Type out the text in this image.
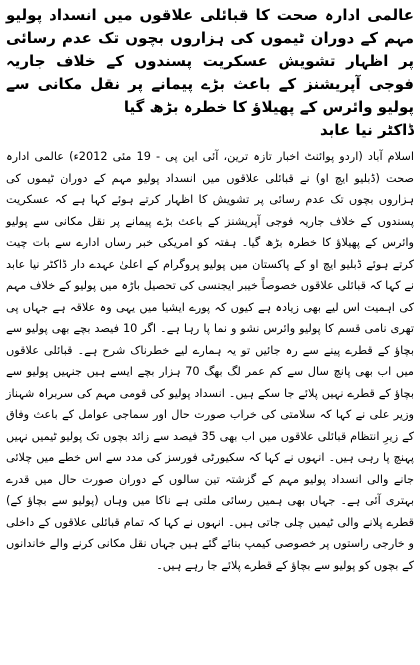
عالمی ادارہ صحت کا قبائلی علاقوں میں انسداد پولیو مہم کے دوران ٹیموں کی ہزاروں بچوں تک عدم رسائی پر اظہار تشویش عسکریت پسندوں کے خلاف جاریہ فوجی آپریشنز کے باعث بڑے پیمانے پر نقل مکانی سے پولیو وائرس کے پھیلاؤ کا خطرہ بڑھ گیا

ڈاکٹر نیا عابد

اسلام آباد (اردو پوائنٹ اخبار تازہ ترین، آئی این پی - 19 مئی 2012ء) عالمی ادارہ صحت (ڈبلیو ایچ او) نے قبائلی علاقوں میں انسداد پولیو مہم کے دوران ٹیموں کی ہزاروں بچوں تک عدم رسائی پر تشویش کا اظہار کرتے ہوئے کہا ہے کہ عسکریت پسندوں کے خلاف جاریہ فوجی آپریشنز کے باعث بڑے پیمانے پر نقل مکانی سے پولیو وائرس کے پھیلاؤ کا خطرہ بڑھ گیا۔ ہفتہ کو امریکی خبر رساں ادارے سے بات چیت کرتے ہوئے ڈبلیو ایچ او کے پاکستان میں پولیو پروگرام کے اعلیٰ عہدے دار ڈاکٹر نیا عابد نے کہا کہ قبائلی علاقوں خصوصاً خیبر ایجنسی کی تحصیل باڑہ میں پولیو کے خلاف مہم کی اہمیت اس لیے بھی زیادہ ہے کیوں کہ پورے ایشیا میں یہی وہ علاقہ ہے جہاں پی تھری نامی قسم کا پولیو وائرس نشو و نما پا رہا ہے۔ اگر 10 فیصد بچے بھی پولیو سے بچاؤ کے قطرے پینے سے رہ جائیں تو یہ ہمارے لیے خطرناک شرح ہے۔ قبائلی علاقوں میں اب بھی پانچ سال سے کم عمر لگ بھگ 70 ہزار بچے ایسے ہیں جنہیں پولیو سے بچاؤ کے قطرے نہیں پلائے جا سکے ہیں۔ انسداد پولیو کی قومی مہم کی سربراہ شہناز وزیر علی نے کہا کہ سلامتی کی خراب صورت حال اور سماجی عوامل کے باعث وفاق کے زیرِ انتظام قبائلی علاقوں میں اب بھی 35 فیصد سے زائد بچوں تک پولیو ٹیمیں نہیں پہنچ پا رہی ہیں۔ انہوں نے کہا کہ سکیورٹی فورسز کی مدد سے اس خطے میں چلائی جانے والی انسداد پولیو مہم کے گزشتہ تین سالوں کے دوران صورت حال میں قدرے بہتری آئی ہے۔ جہاں بھی ہمیں رسائی ملتی ہے ناکا میں وہاں (پولیو سے بچاؤ کے) قطرے پلانے والی ٹیمیں چلی جاتی ہیں۔ انہوں نے کہا کہ تمام قبائلی علاقوں کے داخلی و خارجی راستوں پر خصوصی کیمپ بنائے گئے ہیں جہاں نقل مکانی کرنے والے خاندانوں کے بچوں کو پولیو سے بچاؤ کے قطرے پلائے جا رہے ہیں۔
